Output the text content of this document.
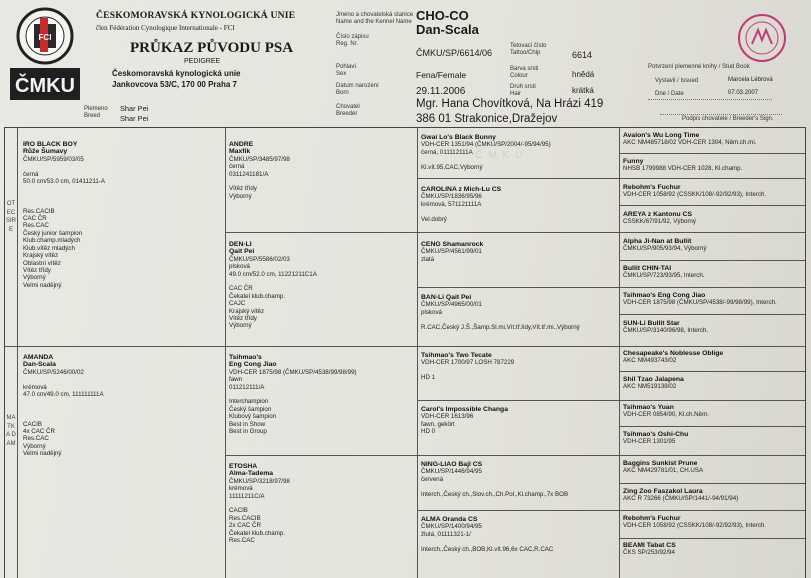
FCI
ČMKU
ČESKOMORAVSKÁ KYNOLOGICKÁ UNIE
člen Fédération Cynologique Internationale - FCI
PRŮKAZ PŮVODU PSA
PEDIGREE
Českomoravská kynologická unie
Jankovcova 53/C, 170 00 Praha 7
Plemeno
Breed
Shar Pei
Shar Pei
Jméno a chovatelská stanice
Name and the Kennel Name
Číslo zápisu
Reg. Nr.
Pohlaví
Sex
Datum narození
Born
Chovatel
Breeder
Tetovací číslo
Tattoo/Chip
Barva srsti
Colour
Druh srsti
Hair
CHO-CO
Dan-Scala
ČMKU/SP/6614/06	6614
Fena/Female	hnědá
29.11.2006	krátká
Mgr. Hana Chovítková, Na Hrázi 419
386 01 Strakonice,Dražejov
Potvrzení plemenné knihy / Stud Book
Vystavil / Issued	Marcela Lébrová
Dne / Date	07.03.2007
Podpis chovatele / Breeder's Sign.
OTEC SIRE
MATKA DAM
IRO BLACK BOY
Růže Šumavy
ČMKU/SP/5959/03/05

černá
50.0 cm/53.0 cm, 01411211-A

Res.CACIB
CAC ČR
Res.CAC
Český junior šampion
Klub.champ.mladých
Klub.vítěz mladých
Krajský vítěz
Oblastní vítěz
Vítěz třídy
Výborný
Velmi nadějný
AMANDA
Dan-Scala
ČMKU/SP/5246/00/02

krémová
47.0 cm/49.0 cm, 111111111A

CACIB
4x CAC ČR
Res.CAC
Výborný
Velmi nadějný
ANDRE
Maxfik
ČMKU/SP/3485/97/98
černá
0311241181/A

Vítěz třídy
Výborný
DEN-LI
Qait Pei
ČMKU/SP/5586/02/03
plsková
49.0 cm/52.0 cm, 11221211C1A

CAC ČR
Čekatel klub.champ.
CAJC
Krajský vítěz
Vítěz třídy
Výborný
Tsihmao's
Eng Cong Jiao
VDH-CER 1875/98 (ČMKU/SP/4538/99/98/99)
fawn
011212111/A

Interchampion
Český šampion
Klubový šampion
Best in Show
Best in Group
ETOSHA
Alma-Tadema
ČMKU/SP/3218/97/98
krémová
11111211C/A

CACIB
Res.CACIB
2x CAC ČR
Čekatel klub.champ.
Res.CAC
Gwai Lo's Black Bunny
VDH-CER 1351/94 (ČMKU/SP/2004/-95/94/95)
černá, 011112111A

Kl.vít.95,CAC,Výborný
CAROLINA z Mich-Lu CS
ČMKU/SP/1836/95/96
krémová, 571121111A

Vel.dobrý
CENG Shamanrock
ČMKU/SP/4561/99/01
zlatá
BAN-Li Qait Pei
ČMKU/SP/4965/00/01
plsková

R.CAC,Český J.Š.,Šamp.Sl.mi,Vít.tř.lídy,Vít.tř.mi.,Výborný
Tsihmao's Two Tecate
VDH-CER 1700/97 LOSH 787229

HD 1
Carol's Impossible Changa
VDH-CER 1613/96
fawn, gekört
HD 0
NING-LIAO Bajl CS
ČMKU/SP/1446/94/95
červená

Interch.,Český ch.,Slov.ch.,Ch.Pol.,Kl.champ.,7x BOB
ALMA Oranda CS
ČMKU/SP/1400/94/95
žlutá, 01111321-1/

Interch.,Český ch.,BOB,Kl.vít.96,6x CAC,R.CAC
Avalon's Wu Long Time
AKC NM485718/02 VDH-CER 1304, Něm.ch.mi.
Funny
NHSB 1799988 VDH-CER 1028, Kl.champ.
Rebohm's Fuchur
VDH-CER 1058/92 (CSSKK/108/-92/92/93), Interch.
AREYA z Kantonu CS
CSSKK/67/91/92, Výborný
Alpha Ji-Nan at Bullit
ČMKU/SP/905/93/94, Výborný
Bullit CHIN-TAI
ČMKU/SP/723/93/95, Interch.
Tsihmao's Eng Cong Jiao
VDH-CER 1875/98 (ČMKU/SP/4538/-99/98/99), Interch.
SUN-Li Bullit Star
ČMKU/SP/3140/96/98, Interch.
Chesapeake's Noblesse Oblige
AKC NM493743/02
Shil Tzao Jalapena
AKC NM519138/02
Tsihmao's Yuan
VDH-CER 0854/90, Kl.ch.Něm.
Tsihmao's Oshi-Chu
VDH-CER 1301/95
Baggins Sunkist Prune
AKC NM429781/01, CH.USA
Zing Zoo Faszakol Laura
AKC R 73266 (ČMKU/SP/1441/-94/91/94)
Rebohm's Fuchur
VDH-CER 1058/92 (CSSKK/108/-92/92/93), Interch.
BEAMI Tabat CS
ČKS SP/253/92/94
ČMKU
